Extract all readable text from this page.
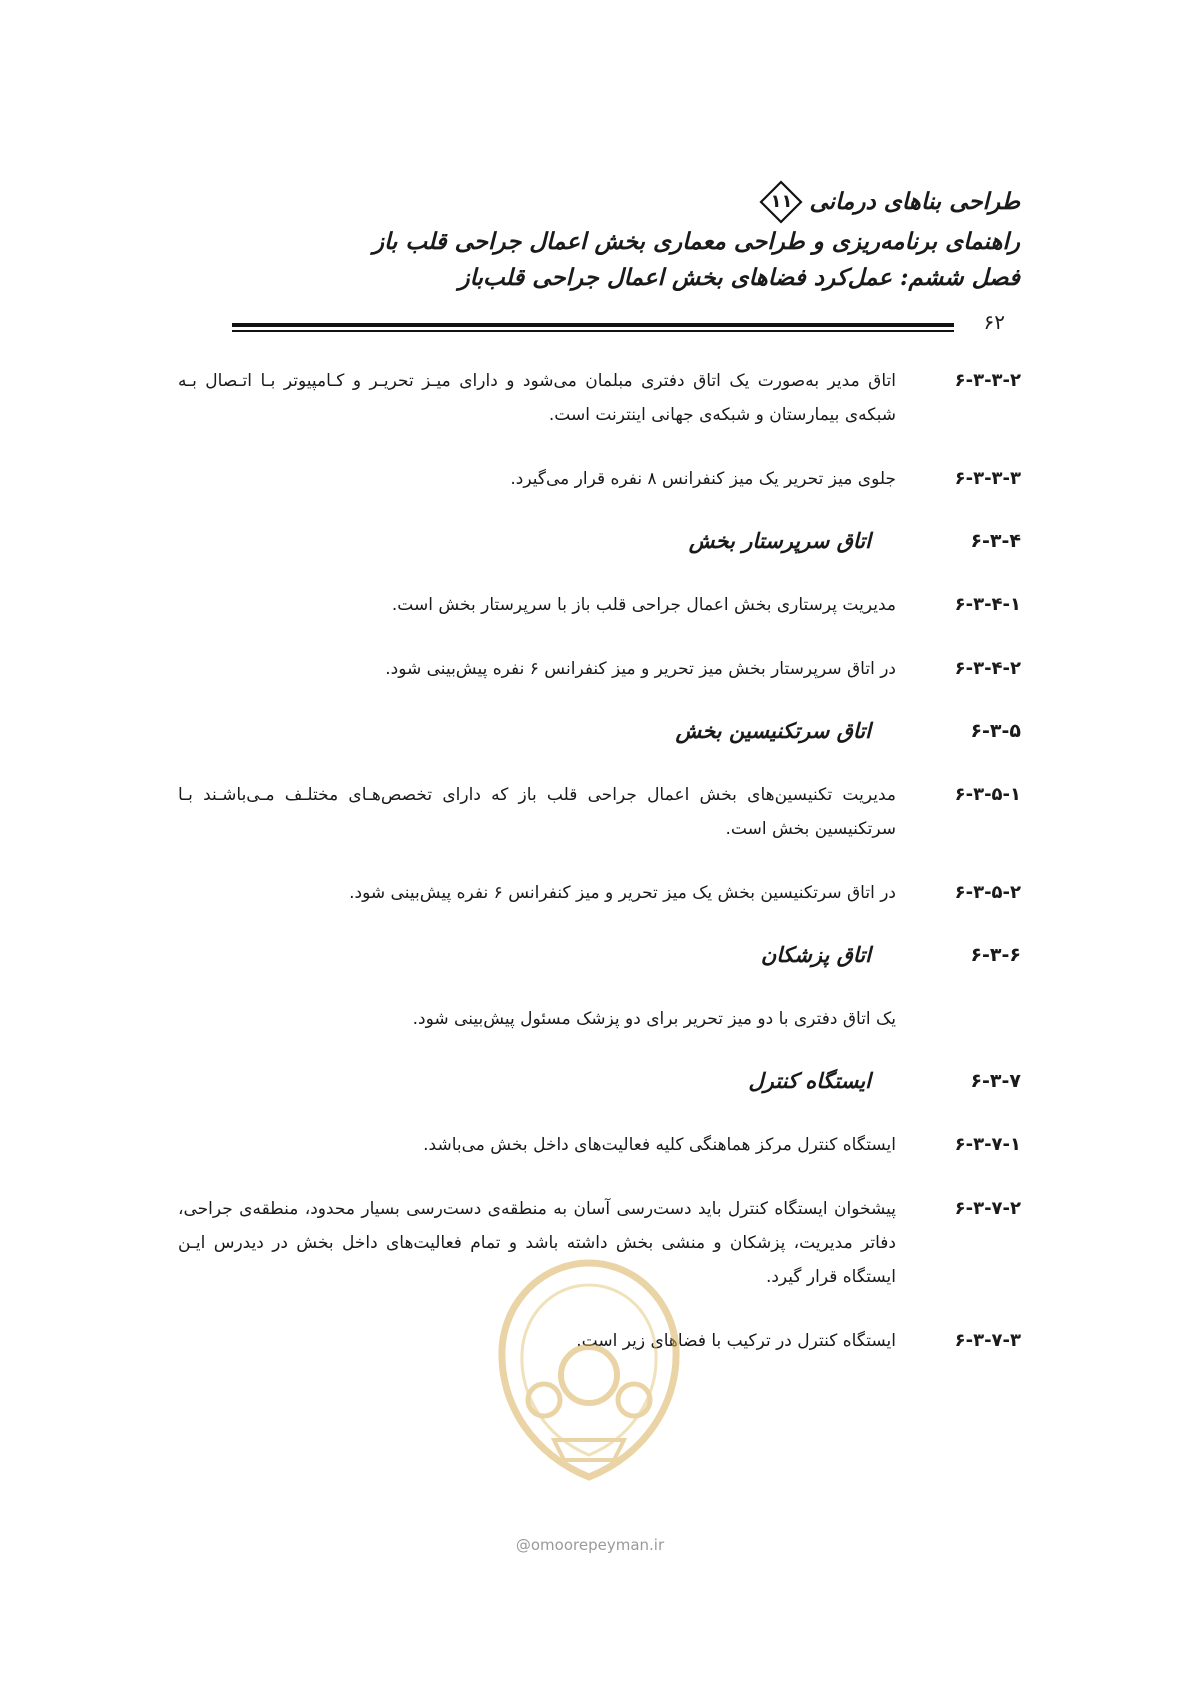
طراحی بناهای درمانی
۱۱
راهنمای برنامه‌ریزی و طراحی معماری بخش اعمال جراحی قلب باز
فصل ششم: عمل‌کرد فضاهای بخش اعمال جراحی قلب‌باز
۶۲
۶-۳-۳-۲
اتاق مدیر به‌صورت یک اتاق دفتری مبلمان می‌شود و دارای میـز تحریـر و کـامپیوتر بـا اتـصال بـه شبکه‌ی بیمارستان و شبکه‌ی جهانی اینترنت است.
۶-۳-۳-۳
جلوی میز تحریر یک میز کنفرانس ۸ نفره قرار می‌گیرد.
۶-۳-۴
اتاق سرپرستار بخش
۶-۳-۴-۱
مدیریت پرستاری بخش اعمال جراحی قلب باز با سرپرستار بخش است.
۶-۳-۴-۲
در اتاق سرپرستار بخش میز تحریر و میز کنفرانس ۶ نفره پیش‌بینی شود.
۶-۳-۵
اتاق سرتکنیسین بخش
۶-۳-۵-۱
مدیریت تکنیسین‌های بخش اعمال جراحی قلب باز که دارای تخصص‌هـای مختلـف مـی‌باشـند بـا سرتکنیسین بخش است.
۶-۳-۵-۲
در اتاق سرتکنیسین بخش یک میز تحریر و میز کنفرانس ۶ نفره پیش‌بینی شود.
۶-۳-۶
اتاق پزشکان
یک اتاق دفتری با دو میز تحریر برای دو پزشک مسئول پیش‌بینی شود.
۶-۳-۷
ایستگاه کنترل
۶-۳-۷-۱
ایستگاه کنترل مرکز هماهنگی کلیه فعالیت‌های داخل بخش می‌باشد.
۶-۳-۷-۲
پیشخوان ایستگاه کنترل باید دست‌رسی آسان به منطقه‌ی دست‌رسی بسیار محدود، منطقه‌ی جراحی، دفاتر مدیریت، پزشکان و منشی بخش داشته باشد و تمام فعالیت‌های داخل بخش در دیدرس ایـن ایستگاه قرار گیرد.
۶-۳-۷-۳
ایستگاه کنترل در ترکیب با فضاهای زیر است.
@omoorepeyman.ir
